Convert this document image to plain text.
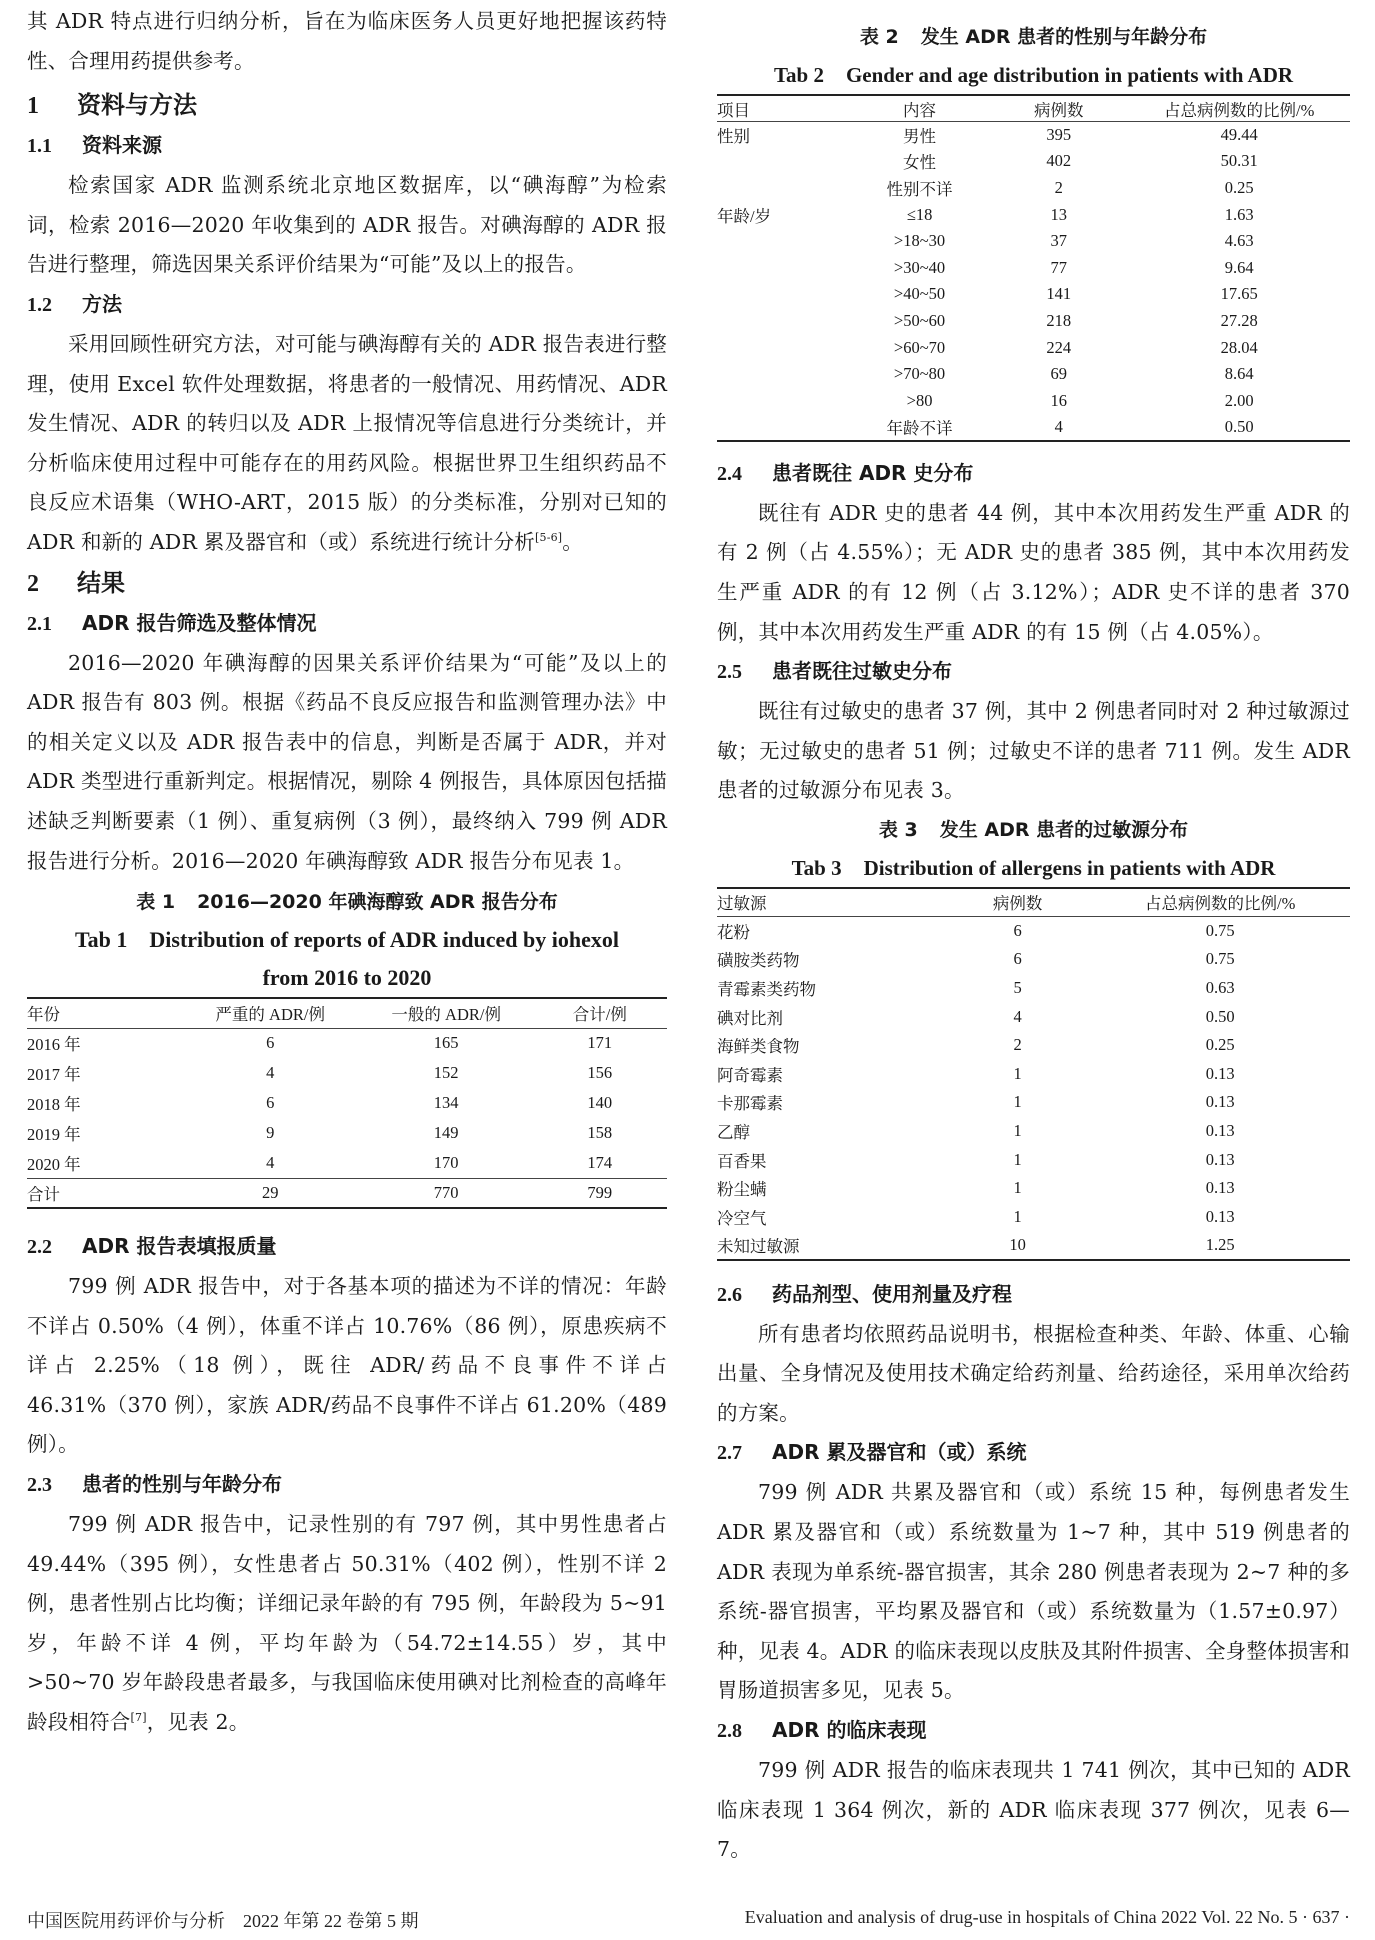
其 ADR 特点进行归纳分析，旨在为临床医务人员更好地把握该药特性、合理用药提供参考。

1 资料与方法
1.1 资料来源

检索国家 ADR 监测系统北京地区数据库，以“碘海醇”为检索词，检索 2016—2020 年收集到的 ADR 报告。对碘海醇的 ADR 报告进行整理，筛选因果关系评价结果为“可能”及以上的报告。

1.2 方法

采用回顾性研究方法，对可能与碘海醇有关的 ADR 报告表进行整理，使用 Excel 软件处理数据，将患者的一般情况、用药情况、ADR 发生情况、ADR 的转归以及 ADR 上报情况等信息进行分类统计，并分析临床使用过程中可能存在的用药风险。根据世界卫生组织药品不良反应术语集（WHO-ART，2015 版）的分类标准，分别对已知的 ADR 和新的 ADR 累及器官和（或）系统进行统计分析[5-6]。

2 结果
2.1 ADR 报告筛选及整体情况

2016—2020 年碘海醇的因果关系评价结果为“可能”及以上的 ADR 报告有 803 例。根据《药品不良反应报告和监测管理办法》中的相关定义以及 ADR 报告表中的信息，判断是否属于 ADR，并对 ADR 类型进行重新判定。根据情况，剔除 4 例报告，具体原因包括描述缺乏判断要素（1 例）、重复病例（3 例），最终纳入 799 例 ADR 报告进行分析。2016—2020 年碘海醇致 ADR 报告分布见表 1。

表 1 2016—2020 年碘海醇致 ADR 报告分布
Tab 1 Distribution of reports of ADR induced by iohexol
from 2016 to 2020
年份	严重的 ADR/例	一般的 ADR/例	合计/例
2016 年	6	165	171
2017 年	4	152	156
2018 年	6	134	140
2019 年	9	149	158
2020 年	4	170	174
合计	29	770	799
2.2 ADR 报告表填报质量

799 例 ADR 报告中，对于各基本项的描述为不详的情况：年龄不详占 0.50%（4 例），体重不详占 10.76%（86 例），原患疾病不详占 2.25%（18 例），既往 ADR/药品不良事件不详占 46.31%（370 例），家族 ADR/药品不良事件不详占 61.20%（489 例）。

2.3 患者的性别与年龄分布

799 例 ADR 报告中，记录性别的有 797 例，其中男性患者占 49.44%（395 例），女性患者占 50.31%（402 例），性别不详 2 例，患者性别占比均衡；详细记录年龄的有 795 例，年龄段为 5~91 岁，年龄不详 4 例，平均年龄为（54.72±14.55）岁，其中>50~70 岁年龄段患者最多，与我国临床使用碘对比剂检查的高峰年龄段相符合[7]，见表 2。

表 2 发生 ADR 患者的性别与年龄分布
Tab 2 Gender and age distribution in patients with ADR
项目	内容	病例数	占总病例数的比例/%
性别	男性	395	49.44
	女性	402	50.31
	性别不详	2	0.25
年龄/岁	≤18	13	1.63
	>18~30	37	4.63
	>30~40	77	9.64
	>40~50	141	17.65
	>50~60	218	27.28
	>60~70	224	28.04
	>70~80	69	8.64
	>80	16	2.00
	年龄不详	4	0.50
2.4 患者既往 ADR 史分布

既往有 ADR 史的患者 44 例，其中本次用药发生严重 ADR 的有 2 例（占 4.55%）；无 ADR 史的患者 385 例，其中本次用药发生严重 ADR 的有 12 例（占 3.12%）；ADR 史不详的患者 370 例，其中本次用药发生严重 ADR 的有 15 例（占 4.05%）。

2.5 患者既往过敏史分布

既往有过敏史的患者 37 例，其中 2 例患者同时对 2 种过敏源过敏；无过敏史的患者 51 例；过敏史不详的患者 711 例。发生 ADR 患者的过敏源分布见表 3。

表 3 发生 ADR 患者的过敏源分布
Tab 3 Distribution of allergens in patients with ADR
过敏源	病例数	占总病例数的比例/%
花粉	6	0.75
磺胺类药物	6	0.75
青霉素类药物	5	0.63
碘对比剂	4	0.50
海鲜类食物	2	0.25
阿奇霉素	1	0.13
卡那霉素	1	0.13
乙醇	1	0.13
百香果	1	0.13
粉尘螨	1	0.13
冷空气	1	0.13
未知过敏源	10	1.25
2.6 药品剂型、使用剂量及疗程

所有患者均依照药品说明书，根据检查种类、年龄、体重、心输出量、全身情况及使用技术确定给药剂量、给药途径，采用单次给药的方案。

2.7 ADR 累及器官和（或）系统

799 例 ADR 共累及器官和（或）系统 15 种，每例患者发生 ADR 累及器官和（或）系统数量为 1~7 种，其中 519 例患者的 ADR 表现为单系统-器官损害，其余 280 例患者表现为 2~7 种的多系统-器官损害，平均累及器官和（或）系统数量为（1.57±0.97）种，见表 4。ADR 的临床表现以皮肤及其附件损害、全身整体损害和胃肠道损害多见，见表 5。

2.8 ADR 的临床表现

799 例 ADR 报告的临床表现共 1 741 例次，其中已知的 ADR 临床表现 1 364 例次，新的 ADR 临床表现 377 例次，见表 6—7。

中国医院用药评价与分析　2022 年第 22 卷第 5 期	Evaluation and analysis of drug-use in hospitals of China 2022 Vol. 22 No. 5 · 637 ·
